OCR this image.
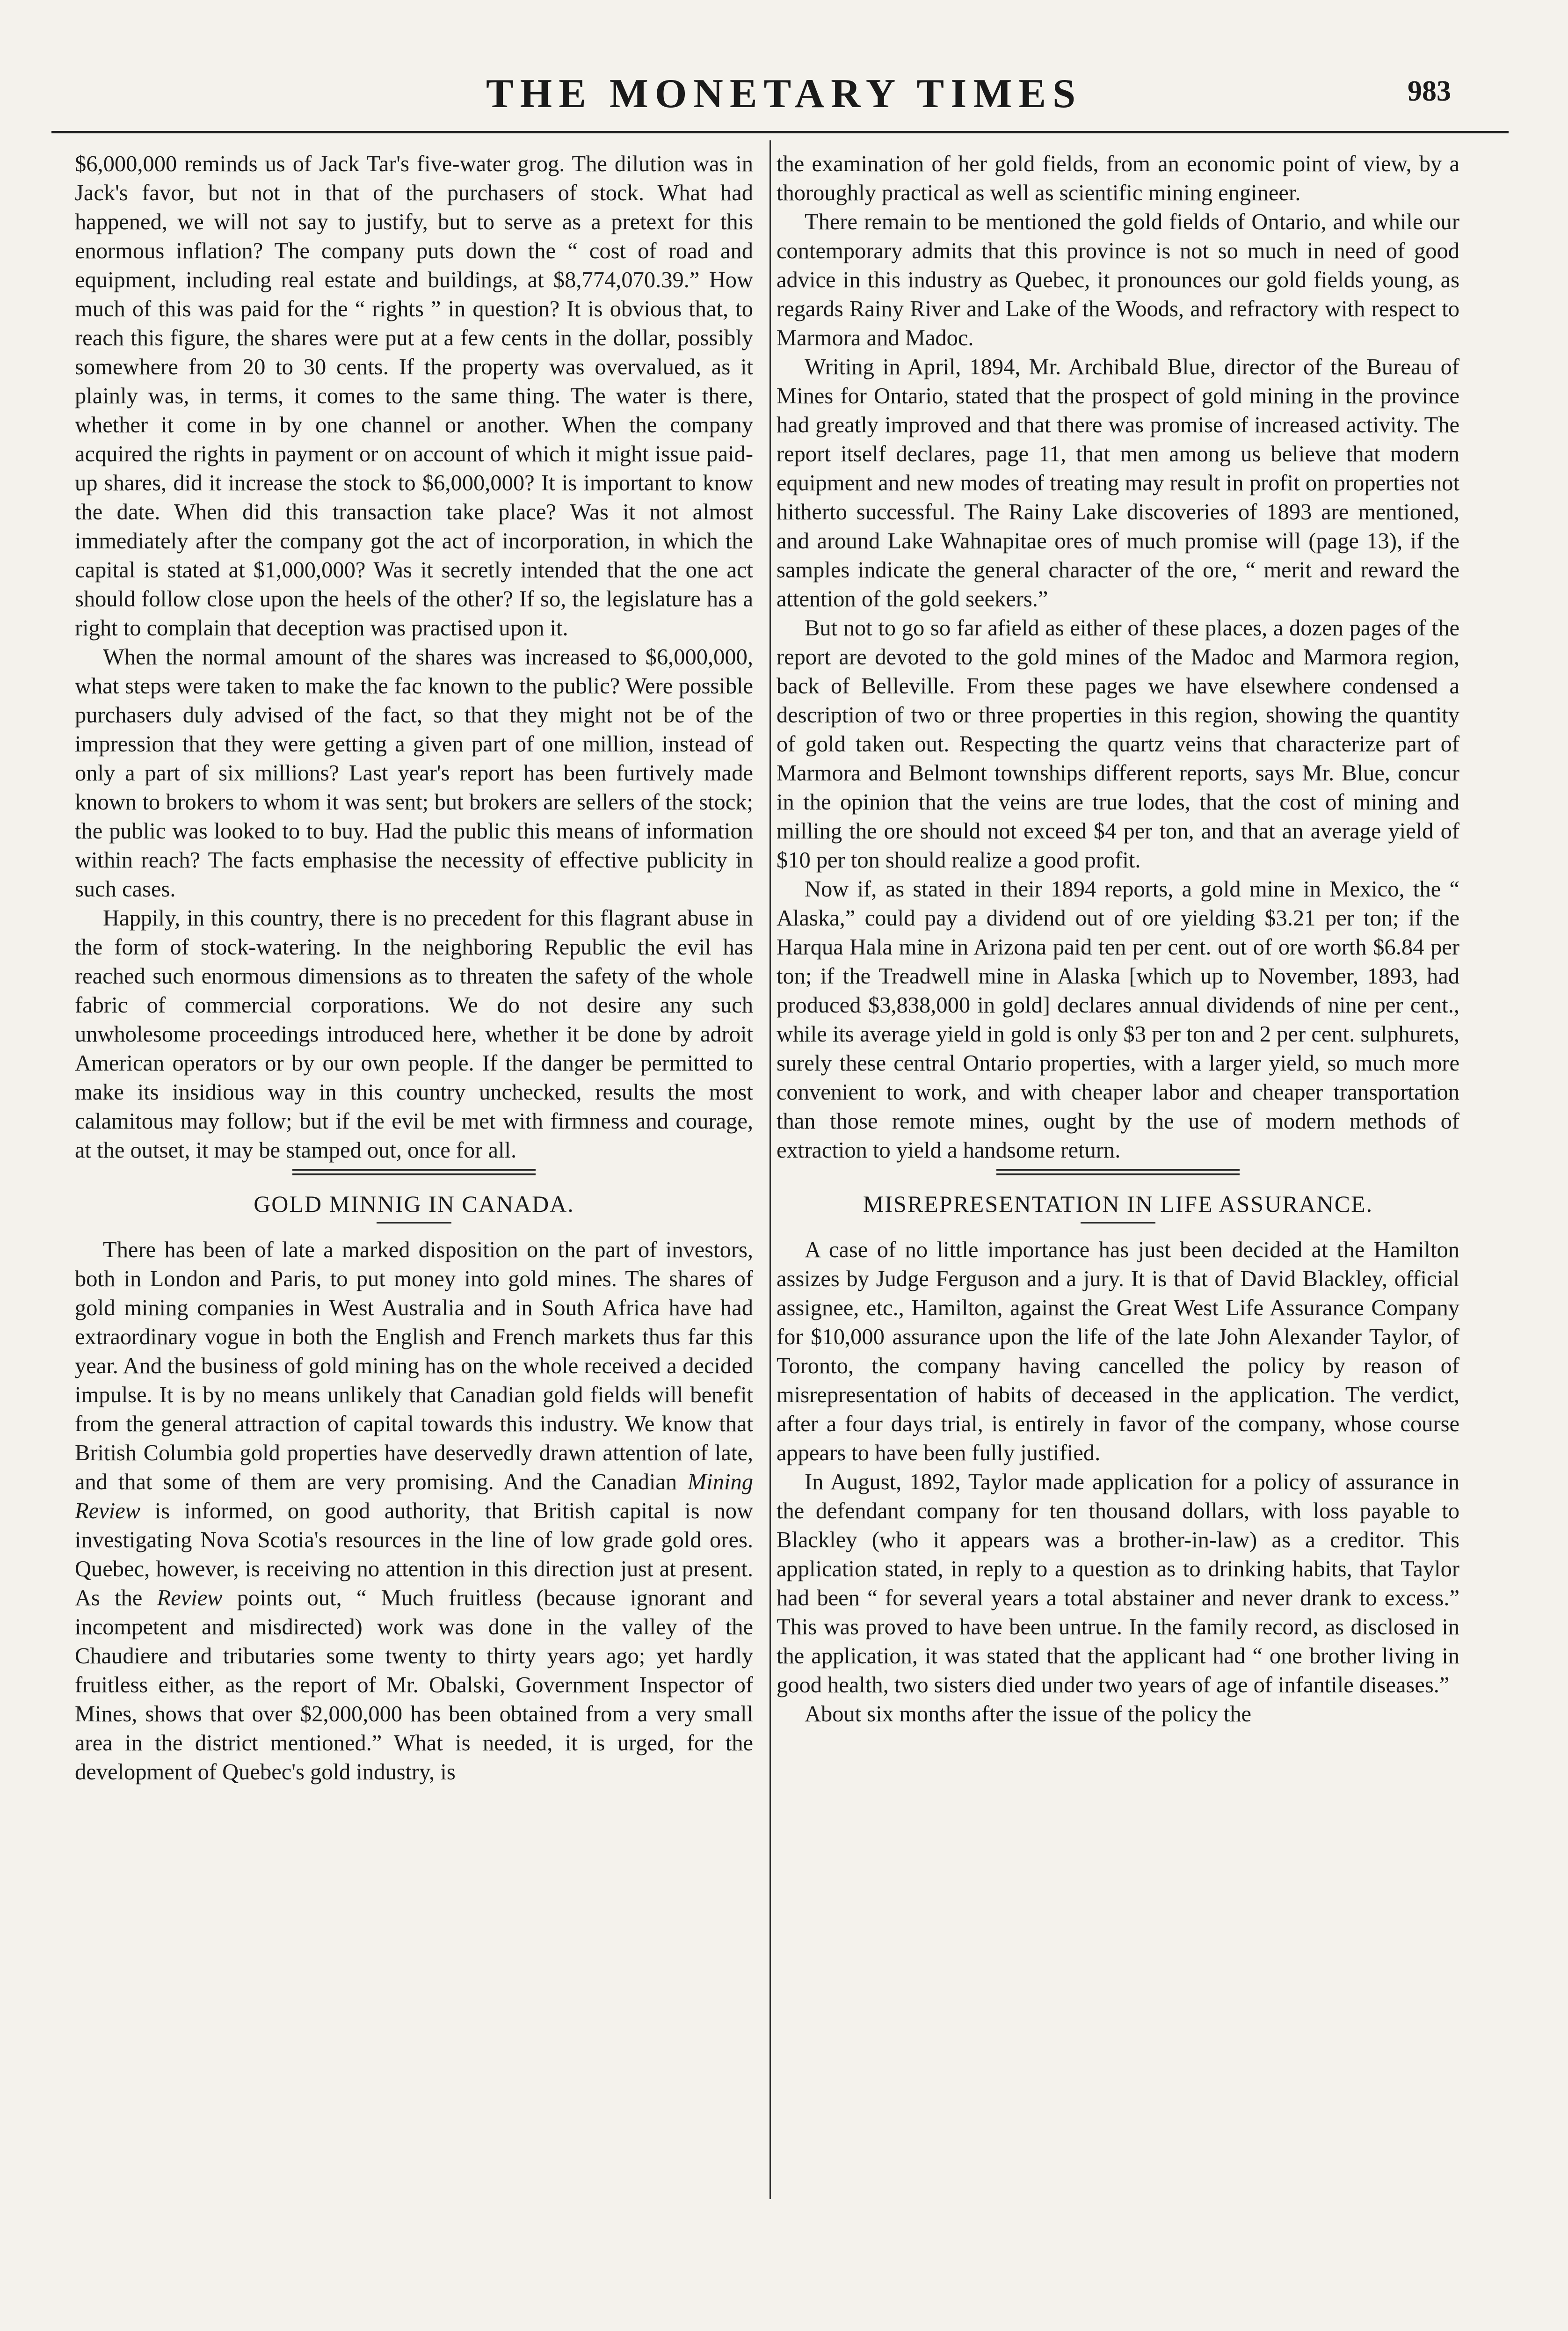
THE MONETARY TIMES	983

$6,000,000 reminds us of Jack Tar's five-water grog. The dilution was in Jack's favor, but not in that of the purchasers of stock. What had happened, we will not say to justify, but to serve as a pretext for this enormous inflation? The company puts down the “ cost of road and equipment, including real estate and buildings, at $8,774,070.39.” How much of this was paid for the “ rights ” in question? It is obvious that, to reach this figure, the shares were put at a few cents in the dollar, possibly somewhere from 20 to 30 cents. If the property was overvalued, as it plainly was, in terms, it comes to the same thing. The water is there, whether it come in by one channel or another. When the company acquired the rights in payment or on account of which it might issue paid-up shares, did it increase the stock to $6,000,000? It is important to know the date. When did this transaction take place? Was it not almost immediately after the company got the act of incorporation, in which the capital is stated at $1,000,000? Was it secretly intended that the one act should follow close upon the heels of the other? If so, the legislature has a right to complain that deception was practised upon it.

When the normal amount of the shares was increased to $6,000,000, what steps were taken to make the fac known to the public? Were possible purchasers duly advised of the fact, so that they might not be of the impression that they were getting a given part of one million, instead of only a part of six millions? Last year's report has been furtively made known to brokers to whom it was sent; but brokers are sellers of the stock; the public was looked to to buy. Had the public this means of information within reach? The facts emphasise the necessity of effective publicity in such cases.

Happily, in this country, there is no precedent for this flagrant abuse in the form of stock-watering. In the neighboring Republic the evil has reached such enormous dimensions as to threaten the safety of the whole fabric of commercial corporations. We do not desire any such unwholesome proceedings introduced here, whether it be done by adroit American operators or by our own people. If the danger be permitted to make its insidious way in this country unchecked, results the most calamitous may follow; but if the evil be met with firmness and courage, at the outset, it may be stamped out, once for all.

GOLD MINNIG IN CANADA.

There has been of late a marked disposition on the part of investors, both in London and Paris, to put money into gold mines. The shares of gold mining companies in West Australia and in South Africa have had extraordinary vogue in both the English and French markets thus far this year. And the business of gold mining has on the whole received a decided impulse. It is by no means unlikely that Canadian gold fields will benefit from the general attraction of capital towards this industry. We know that British Columbia gold properties have deservedly drawn attention of late, and that some of them are very promising. And the Canadian Mining Review is informed, on good authority, that British capital is now investigating Nova Scotia's resources in the line of low grade gold ores. Quebec, however, is receiving no attention in this direction just at present. As the Review points out, “ Much fruitless (because ignorant and incompetent and misdirected) work was done in the valley of the Chaudiere and tributaries some twenty to thirty years ago; yet hardly fruitless either, as the report of Mr. Obalski, Government Inspector of Mines, shows that over $2,000,000 has been obtained from a very small area in the district mentioned.” What is needed, it is urged, for the development of Quebec's gold industry, is

the examination of her gold fields, from an economic point of view, by a thoroughly practical as well as scientific mining engineer.

There remain to be mentioned the gold fields of Ontario, and while our contemporary admits that this province is not so much in need of good advice in this industry as Quebec, it pronounces our gold fields young, as regards Rainy River and Lake of the Woods, and refractory with respect to Marmora and Madoc.

Writing in April, 1894, Mr. Archibald Blue, director of the Bureau of Mines for Ontario, stated that the prospect of gold mining in the province had greatly improved and that there was promise of increased activity. The report itself declares, page 11, that men among us believe that modern equipment and new modes of treating may result in profit on properties not hitherto successful. The Rainy Lake discoveries of 1893 are mentioned, and around Lake Wahnapitae ores of much promise will (page 13), if the samples indicate the general character of the ore, “ merit and reward the attention of the gold seekers.”

But not to go so far afield as either of these places, a dozen pages of the report are devoted to the gold mines of the Madoc and Marmora region, back of Belleville. From these pages we have elsewhere condensed a description of two or three properties in this region, showing the quantity of gold taken out. Respecting the quartz veins that characterize part of Marmora and Belmont townships different reports, says Mr. Blue, concur in the opinion that the veins are true lodes, that the cost of mining and milling the ore should not exceed $4 per ton, and that an average yield of $10 per ton should realize a good profit.

Now if, as stated in their 1894 reports, a gold mine in Mexico, the “ Alaska,” could pay a dividend out of ore yielding $3.21 per ton; if the Harqua Hala mine in Arizona paid ten per cent. out of ore worth $6.84 per ton; if the Treadwell mine in Alaska [which up to November, 1893, had produced $3,838,000 in gold] declares annual dividends of nine per cent., while its average yield in gold is only $3 per ton and 2 per cent. sulphurets, surely these central Ontario properties, with a larger yield, so much more convenient to work, and with cheaper labor and cheaper transportation than those remote mines, ought by the use of modern methods of extraction to yield a handsome return.

MISREPRESENTATION IN LIFE ASSURANCE.

A case of no little importance has just been decided at the Hamilton assizes by Judge Ferguson and a jury. It is that of David Blackley, official assignee, etc., Hamilton, against the Great West Life Assurance Company for $10,000 assurance upon the life of the late John Alexander Taylor, of Toronto, the company having cancelled the policy by reason of misrepresentation of habits of deceased in the application. The verdict, after a four days trial, is entirely in favor of the company, whose course appears to have been fully justified.

In August, 1892, Taylor made application for a policy of assurance in the defendant company for ten thousand dollars, with loss payable to Blackley (who it appears was a brother-in-law) as a creditor. This application stated, in reply to a question as to drinking habits, that Taylor had been “ for several years a total abstainer and never drank to excess.” This was proved to have been untrue. In the family record, as disclosed in the application, it was stated that the applicant had “ one brother living in good health, two sisters died under two years of age of infantile diseases.”

About six months after the issue of the policy the
